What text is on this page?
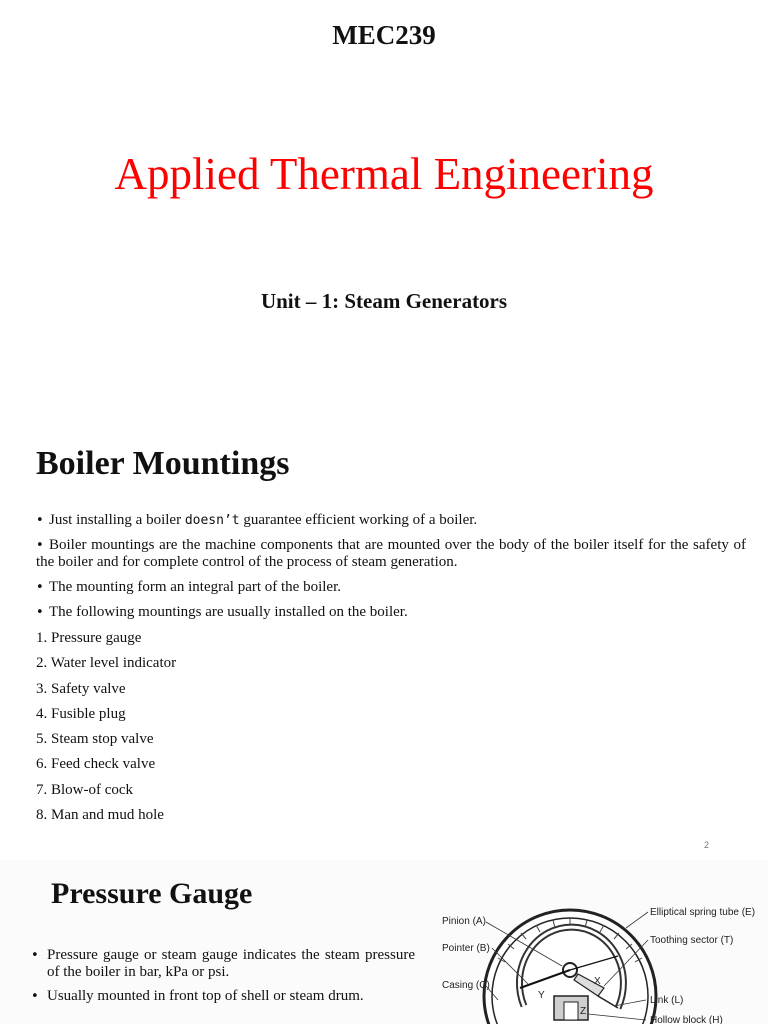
MEC239
Applied Thermal Engineering
Unit – 1: Steam Generators
Boiler Mountings
• Just installing a boiler doesn’t guarantee efficient working of a boiler.
• Boiler mountings are the machine components that are mounted over the body of the boiler itself for the safety of the boiler and for complete control of the process of steam generation.
• The mounting form an integral part of the boiler.
• The following mountings are usually installed on the boiler.
1. Pressure gauge
2. Water level indicator
3. Safety valve
4. Fusible plug
5. Steam stop valve
6. Feed check valve
7. Blow-of cock
8. Man and mud hole
2
Pressure Gauge
• Pressure gauge or steam gauge indicates the steam pressure of the boiler in bar, kPa or psi.
• Usually mounted in front top of shell or steam drum.
X
Y
Z
Pinion (A)
Pointer (B)
Casing (C)
Elliptical spring tube (E)
Toothing sector (T)
Link (L)
Hollow block (H)
